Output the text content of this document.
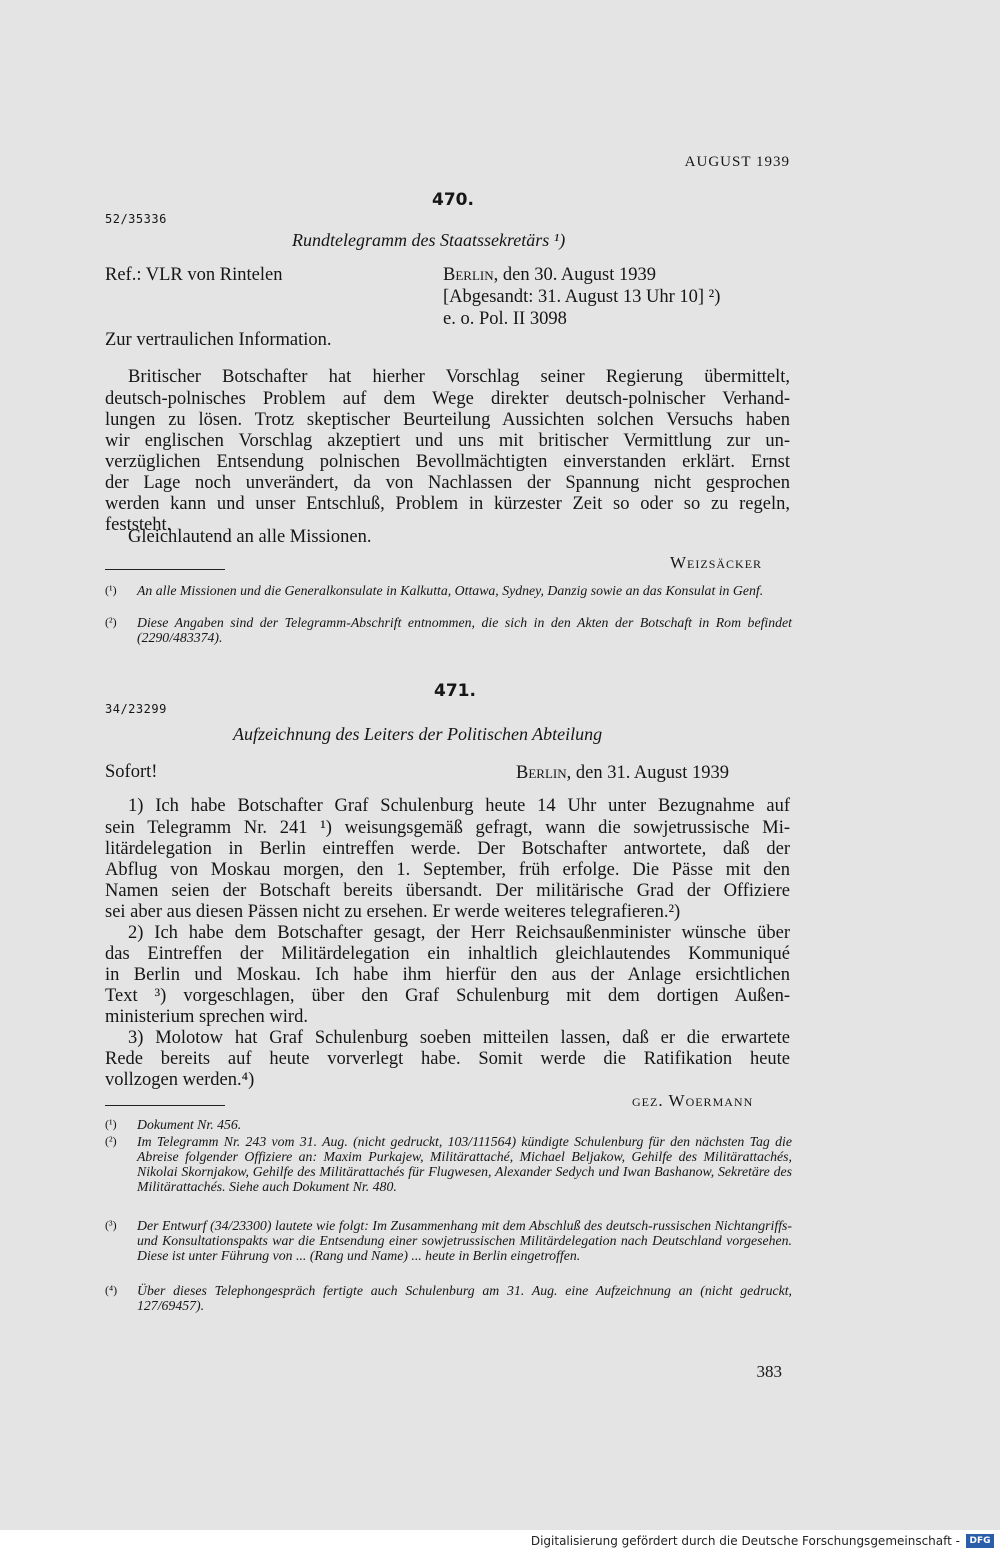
AUGUST 1939
470.
52/35336
Rundtelegramm des Staatssekretärs ¹)
Ref.: VLR von Rintelen	Berlin, den 30. August 1939
[Abgesandt: 31. August 13 Uhr 10] ²)
e. o. Pol. II 3098
Zur vertraulichen Information.
Britischer Botschafter hat hierher Vorschlag seiner Regierung übermittelt,
deutsch-polnisches Problem auf dem Wege direkter deutsch-polnischer Verhand-
lungen zu lösen. Trotz skeptischer Beurteilung Aussichten solchen Versuchs haben
wir englischen Vorschlag akzeptiert und uns mit britischer Vermittlung zur un-
verzüglichen Entsendung polnischen Bevollmächtigten einverstanden erklärt. Ernst
der Lage noch unverändert, da von Nachlassen der Spannung nicht gesprochen
werden kann und unser Entschluß, Problem in kürzester Zeit so oder so zu regeln,
feststeht.
Gleichlautend an alle Missionen.
Weizsäcker
(¹) An alle Missionen und die Generalkonsulate in Kalkutta, Ottawa, Sydney, Danzig sowie an das Konsulat in Genf.
(²) Diese Angaben sind der Telegramm-Abschrift entnommen, die sich in den Akten der Botschaft in Rom befindet (2290/483374).
471.
34/23299
Aufzeichnung des Leiters der Politischen Abteilung
Sofort!	Berlin, den 31. August 1939
1) Ich habe Botschafter Graf Schulenburg heute 14 Uhr unter Bezugnahme auf
sein Telegramm Nr. 241 ¹) weisungsgemäß gefragt, wann die sowjetrussische Mi-
litärdelegation in Berlin eintreffen werde. Der Botschafter antwortete, daß der
Abflug von Moskau morgen, den 1. September, früh erfolge. Die Pässe mit den
Namen seien der Botschaft bereits übersandt. Der militärische Grad der Offiziere
sei aber aus diesen Pässen nicht zu ersehen. Er werde weiteres telegrafieren.²)
2) Ich habe dem Botschafter gesagt, der Herr Reichsaußenminister wünsche über
das Eintreffen der Militärdelegation ein inhaltlich gleichlautendes Kommuniqué
in Berlin und Moskau. Ich habe ihm hierfür den aus der Anlage ersichtlichen
Text ³) vorgeschlagen, über den Graf Schulenburg mit dem dortigen Außen-
ministerium sprechen wird.
3) Molotow hat Graf Schulenburg soeben mitteilen lassen, daß er die erwartete
Rede bereits auf heute vorverlegt habe. Somit werde die Ratifikation heute
vollzogen werden.⁴)
gez. Woermann
(¹) Dokument Nr. 456.
(²) Im Telegramm Nr. 243 vom 31. Aug. (nicht gedruckt, 103/111564) kündigte Schulenburg für den nächsten Tag die Abreise folgender Offiziere an: Maxim Purkajew, Militärattaché, Michael Beljakow, Gehilfe des Militärattachés, Nikolai Skornjakow, Gehilfe des Militärattachés für Flugwesen, Alexander Sedych und Iwan Bashanow, Sekretäre des Militärattachés. Siehe auch Dokument Nr. 480.
(³) Der Entwurf (34/23300) lautete wie folgt: Im Zusammenhang mit dem Abschluß des deutsch-russischen Nichtangriffs- und Konsultationspakts war die Entsendung einer sowjetrussischen Militärdelegation nach Deutschland vorgesehen. Diese ist unter Führung von ... (Rang und Name) ... heute in Berlin eingetroffen.
(⁴) Über dieses Telephongespräch fertigte auch Schulenburg am 31. Aug. eine Aufzeichnung an (nicht gedruckt, 127/69457).
383
Digitalisierung gefördert durch die Deutsche Forschungsgemeinschaft -	DFG
